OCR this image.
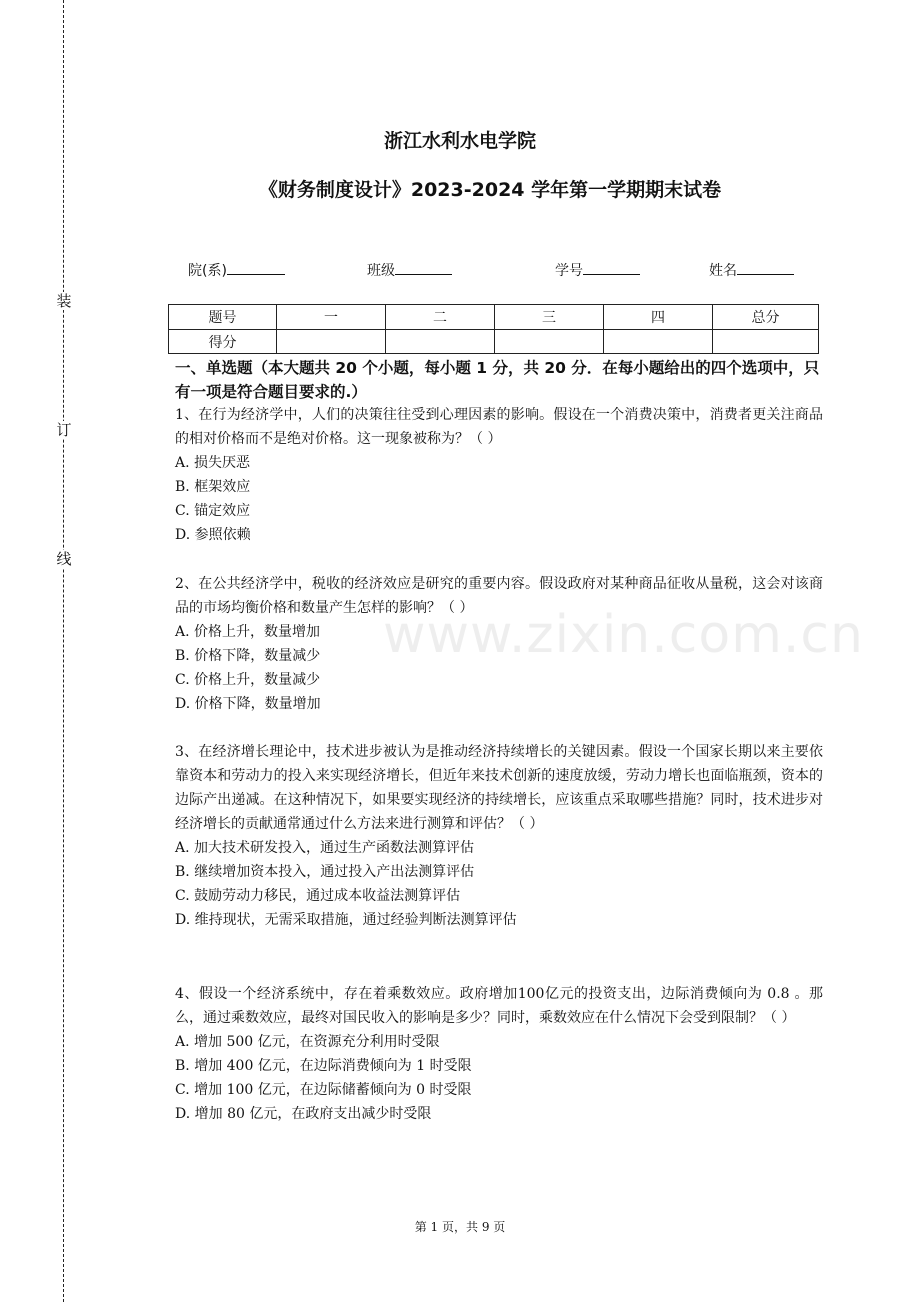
装
订
线
浙江水利水电学院
《财务制度设计》2023-2024 学年第一学期期末试卷
院(系)	班级	学号	姓名
题号	一	二	三	四	总分
得分					
一、单选题（本大题共 20 个小题，每小题 1 分，共 20 分．在每小题给出的四个选项中，只有一项是符合题目要求的.）

1、在行为经济学中，人们的决策往往受到心理因素的影响。假设在一个消费决策中，消费者更关注商品的相对价格而不是绝对价格。这一现象被称为？（ ）

A. 损失厌恶

B. 框架效应

C. 锚定效应

D. 参照依赖

2、在公共经济学中，税收的经济效应是研究的重要内容。假设政府对某种商品征收从量税，这会对该商品的市场均衡价格和数量产生怎样的影响？（ ）

A. 价格上升，数量增加

B. 价格下降，数量减少

C. 价格上升，数量减少

D. 价格下降，数量增加

3、在经济增长理论中，技术进步被认为是推动经济持续增长的关键因素。假设一个国家长期以来主要依靠资本和劳动力的投入来实现经济增长，但近年来技术创新的速度放缓，劳动力增长也面临瓶颈，资本的边际产出递减。在这种情况下，如果要实现经济的持续增长，应该重点采取哪些措施？同时，技术进步对经济增长的贡献通常通过什么方法来进行测算和评估？（ ）

A. 加大技术研发投入，通过生产函数法测算评估

B. 继续增加资本投入，通过投入产出法测算评估

C. 鼓励劳动力移民，通过成本收益法测算评估

D. 维持现状，无需采取措施，通过经验判断法测算评估

4、假设一个经济系统中，存在着乘数效应。政府增加100亿元的投资支出，边际消费倾向为 0.8 。那么，通过乘数效应，最终对国民收入的影响是多少？同时，乘数效应在什么情况下会受到限制？（ ）

A. 增加 500 亿元，在资源充分利用时受限

B. 增加 400 亿元，在边际消费倾向为 1 时受限

C. 增加 100 亿元，在边际储蓄倾向为 0 时受限

D. 增加 80 亿元，在政府支出减少时受限

www.zixin.com.cn
第 1 页，共 9 页
